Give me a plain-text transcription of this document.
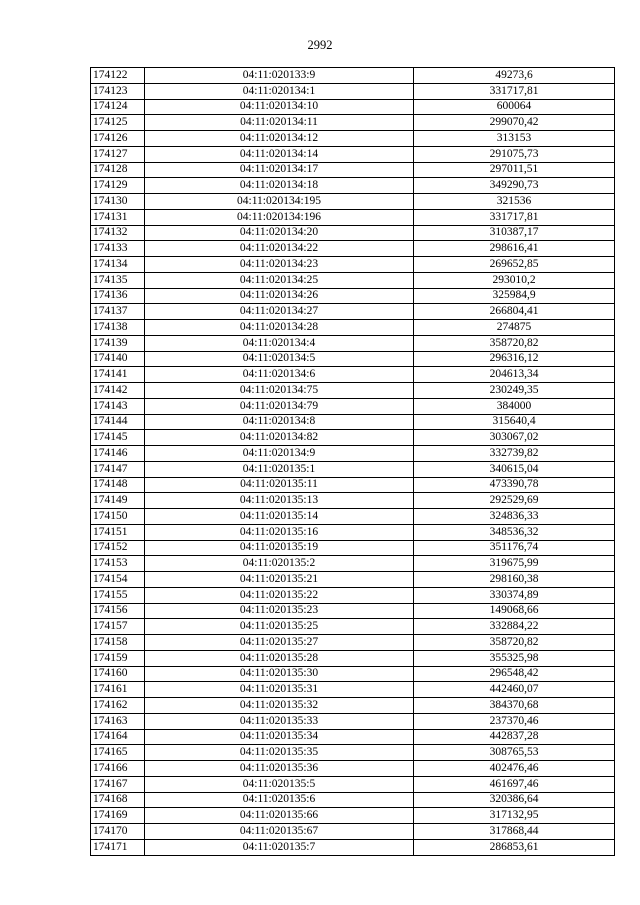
2992
174122	04:11:020133:9	49273,6
174123	04:11:020134:1	331717,81
174124	04:11:020134:10	600064
174125	04:11:020134:11	299070,42
174126	04:11:020134:12	313153
174127	04:11:020134:14	291075,73
174128	04:11:020134:17	297011,51
174129	04:11:020134:18	349290,73
174130	04:11:020134:195	321536
174131	04:11:020134:196	331717,81
174132	04:11:020134:20	310387,17
174133	04:11:020134:22	298616,41
174134	04:11:020134:23	269652,85
174135	04:11:020134:25	293010,2
174136	04:11:020134:26	325984,9
174137	04:11:020134:27	266804,41
174138	04:11:020134:28	274875
174139	04:11:020134:4	358720,82
174140	04:11:020134:5	296316,12
174141	04:11:020134:6	204613,34
174142	04:11:020134:75	230249,35
174143	04:11:020134:79	384000
174144	04:11:020134:8	315640,4
174145	04:11:020134:82	303067,02
174146	04:11:020134:9	332739,82
174147	04:11:020135:1	340615,04
174148	04:11:020135:11	473390,78
174149	04:11:020135:13	292529,69
174150	04:11:020135:14	324836,33
174151	04:11:020135:16	348536,32
174152	04:11:020135:19	351176,74
174153	04:11:020135:2	319675,99
174154	04:11:020135:21	298160,38
174155	04:11:020135:22	330374,89
174156	04:11:020135:23	149068,66
174157	04:11:020135:25	332884,22
174158	04:11:020135:27	358720,82
174159	04:11:020135:28	355325,98
174160	04:11:020135:30	296548,42
174161	04:11:020135:31	442460,07
174162	04:11:020135:32	384370,68
174163	04:11:020135:33	237370,46
174164	04:11:020135:34	442837,28
174165	04:11:020135:35	308765,53
174166	04:11:020135:36	402476,46
174167	04:11:020135:5	461697,46
174168	04:11:020135:6	320386,64
174169	04:11:020135:66	317132,95
174170	04:11:020135:67	317868,44
174171	04:11:020135:7	286853,61
